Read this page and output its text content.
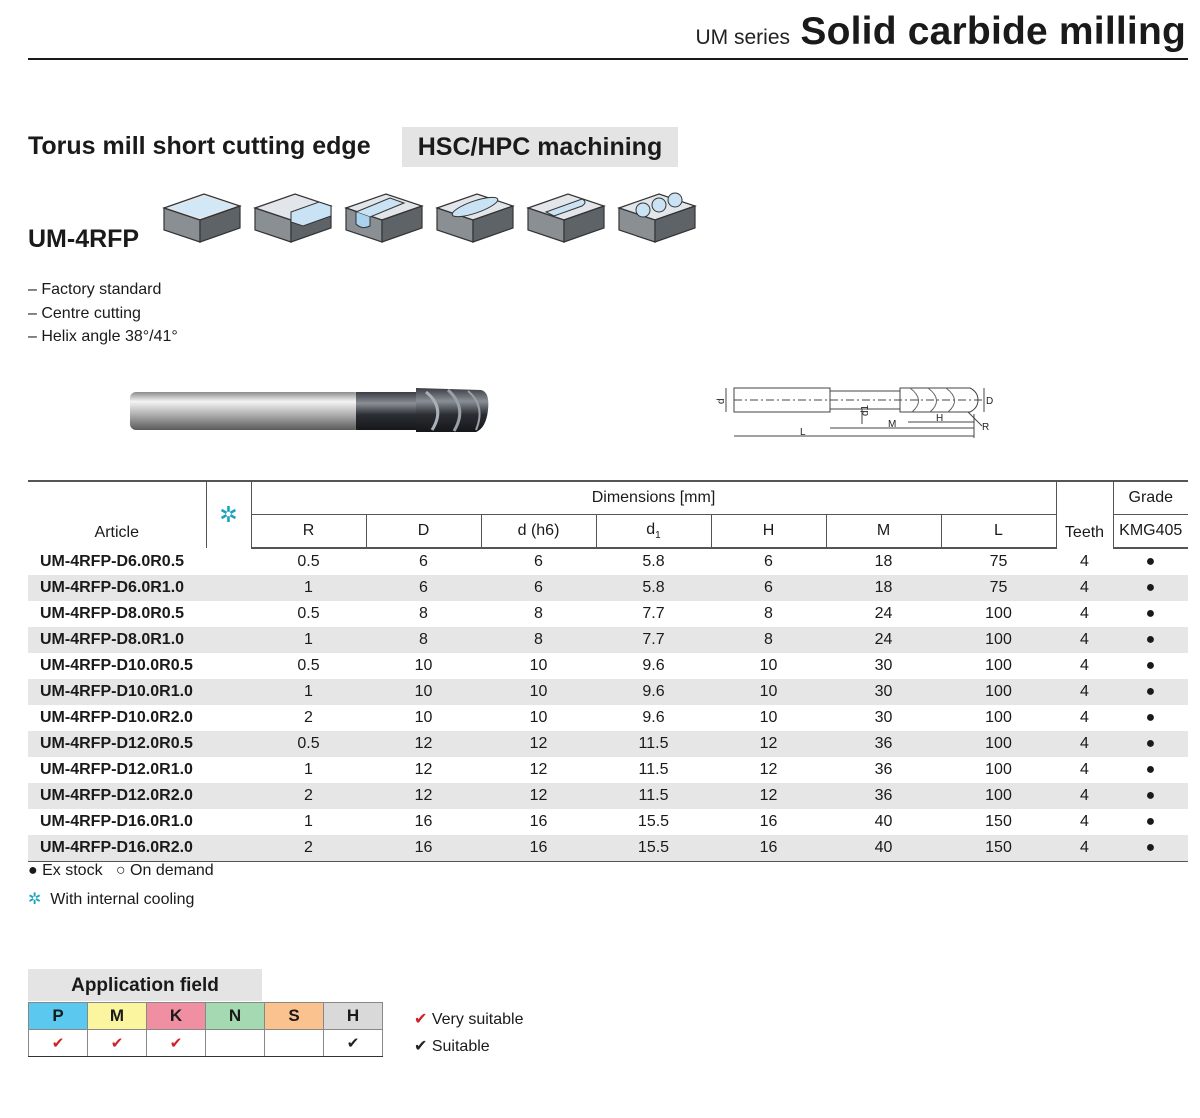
UM series Solid carbide milling
Torus mill short cutting edge	HSC/HPC machining
UM-4RFP
– Factory standard
– Centre cutting
– Helix angle 38°/41°
d	D
d1
H
M
L	R
Article	✲	Dimensions [mm]							Teeth	Grade
		R	D	d (h6)	$d_1$	H	M	L		KMG405
UM-4RFP-D6.0R0.5		0.5	6	6	5.8	6	18	75	4	●
UM-4RFP-D6.0R1.0		1	6	6	5.8	6	18	75	4	●
UM-4RFP-D8.0R0.5		0.5	8	8	7.7	8	24	100	4	●
UM-4RFP-D8.0R1.0		1	8	8	7.7	8	24	100	4	●
UM-4RFP-D10.0R0.5		0.5	10	10	9.6	10	30	100	4	●
UM-4RFP-D10.0R1.0		1	10	10	9.6	10	30	100	4	●
UM-4RFP-D10.0R2.0		2	10	10	9.6	10	30	100	4	●
UM-4RFP-D12.0R0.5		0.5	12	12	11.5	12	36	100	4	●
UM-4RFP-D12.0R1.0		1	12	12	11.5	12	36	100	4	●
UM-4RFP-D12.0R2.0		2	12	12	11.5	12	36	100	4	●
UM-4RFP-D16.0R1.0		1	16	16	15.5	16	40	150	4	●
UM-4RFP-D16.0R2.0		2	16	16	15.5	16	40	150	4	●
● Ex stock ○ On demand
✲ With internal cooling
Application field
P	M	K	N	S	H
✔	✔	✔			✔
✔ Very suitable
✔ Suitable
